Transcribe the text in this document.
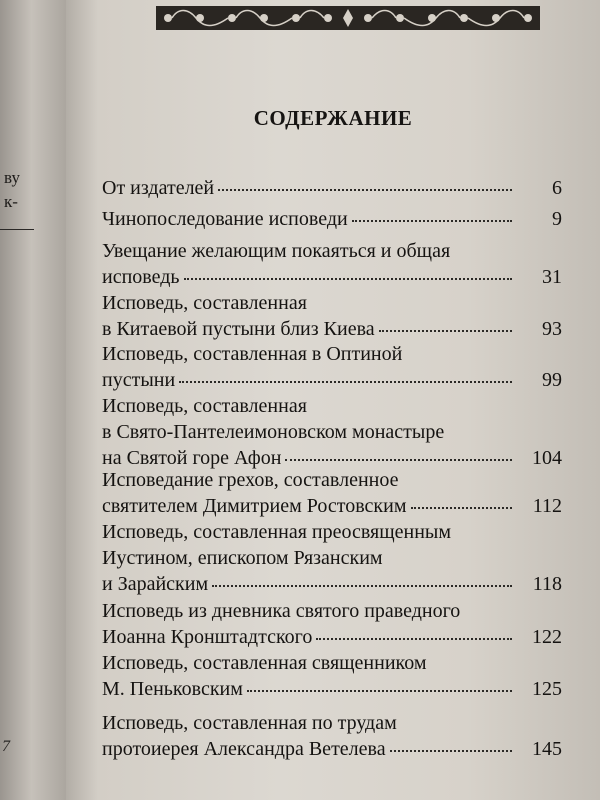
ву
к-
7
СОДЕРЖАНИЕ
От издателей	6
Чинопоследование исповеди	9
Увещание желающим покаяться и общая
исповедь	31
Исповедь, составленная
в Китаевой пустыни близ Киева	93
Исповедь, составленная в Оптиной
пустыни	99
Исповедь, составленная
в Свято-Пантелеимоновском монастыре
на Святой горе Афон	104
Исповедание грехов, составленное
святителем Димитрием Ростовским	112
Исповедь, составленная преосвященным
Иустином, епископом Рязанским
и Зарайским	118
Исповедь из дневника святого праведного
Иоанна Кронштадтского	122
Исповедь, составленная священником
М. Пеньковским	125
Исповедь, составленная по трудам
протоиерея Александра Ветелева	145
